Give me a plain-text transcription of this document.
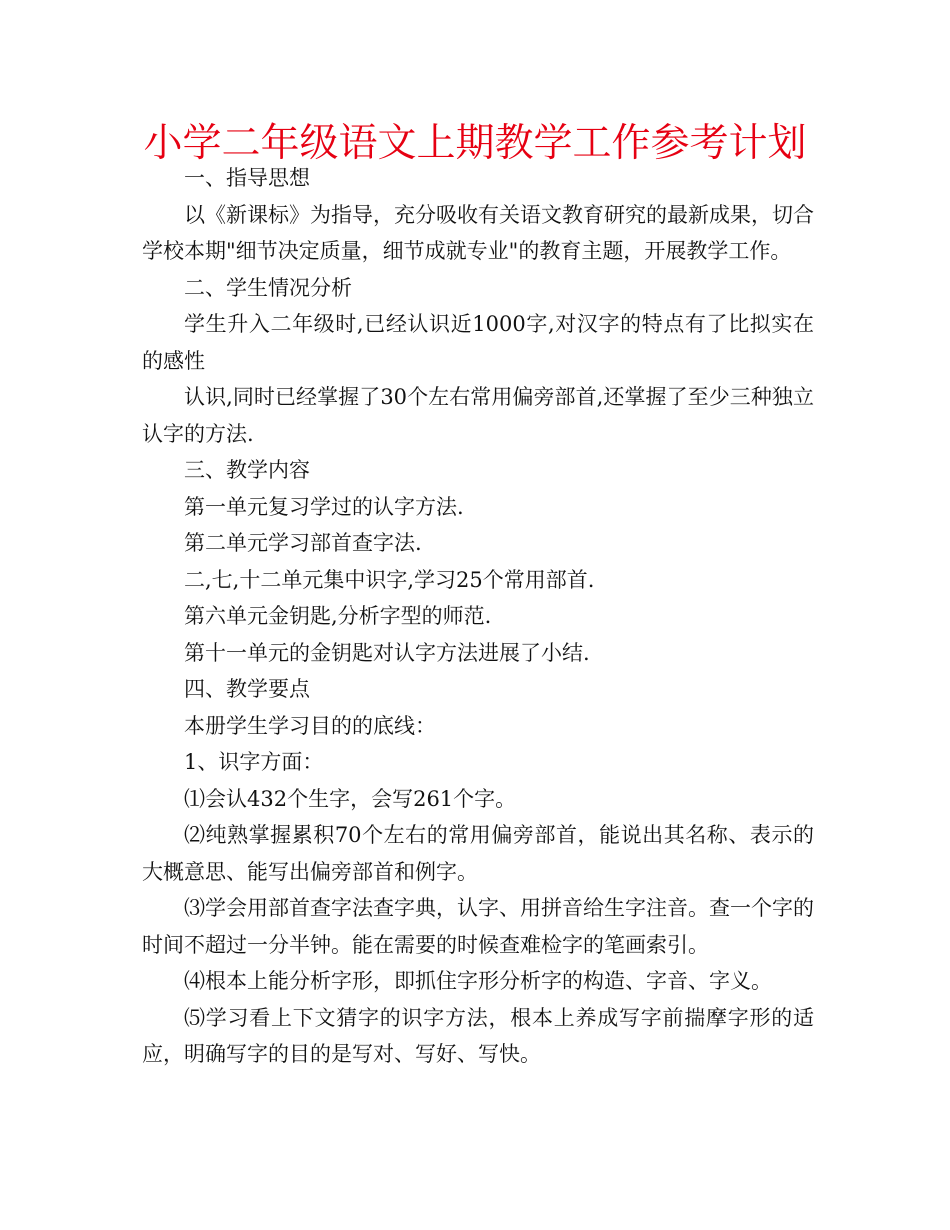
小学二年级语文上期教学工作参考计划

一、指导思想

以《新课标》为指导，充分吸收有关语文教育研究的最新成果，切合学校本期"细节决定质量，细节成就专业"的教育主题，开展教学工作。

二、学生情况分析

学生升入二年级时,已经认识近1000字,对汉字的特点有了比拟实在的感性

认识,同时已经掌握了30个左右常用偏旁部首,还掌握了至少三种独立认字的方法.

三、教学内容

第一单元复习学过的认字方法.

第二单元学习部首查字法.

二,七,十二单元集中识字,学习25个常用部首.

第六单元金钥匙,分析字型的师范.

第十一单元的金钥匙对认字方法进展了小结.

四、教学要点

本册学生学习目的的底线：

1、识字方面：

⑴会认432个生字，会写261个字。

⑵纯熟掌握累积70个左右的常用偏旁部首，能说出其名称、表示的大概意思、能写出偏旁部首和例字。

⑶学会用部首查字法查字典，认字、用拼音给生字注音。查一个字的时间不超过一分半钟。能在需要的时候查难检字的笔画索引。

⑷根本上能分析字形，即抓住字形分析字的构造、字音、字义。

⑸学习看上下文猜字的识字方法，根本上养成写字前揣摩字形的适应，明确写字的目的是写对、写好、写快。
